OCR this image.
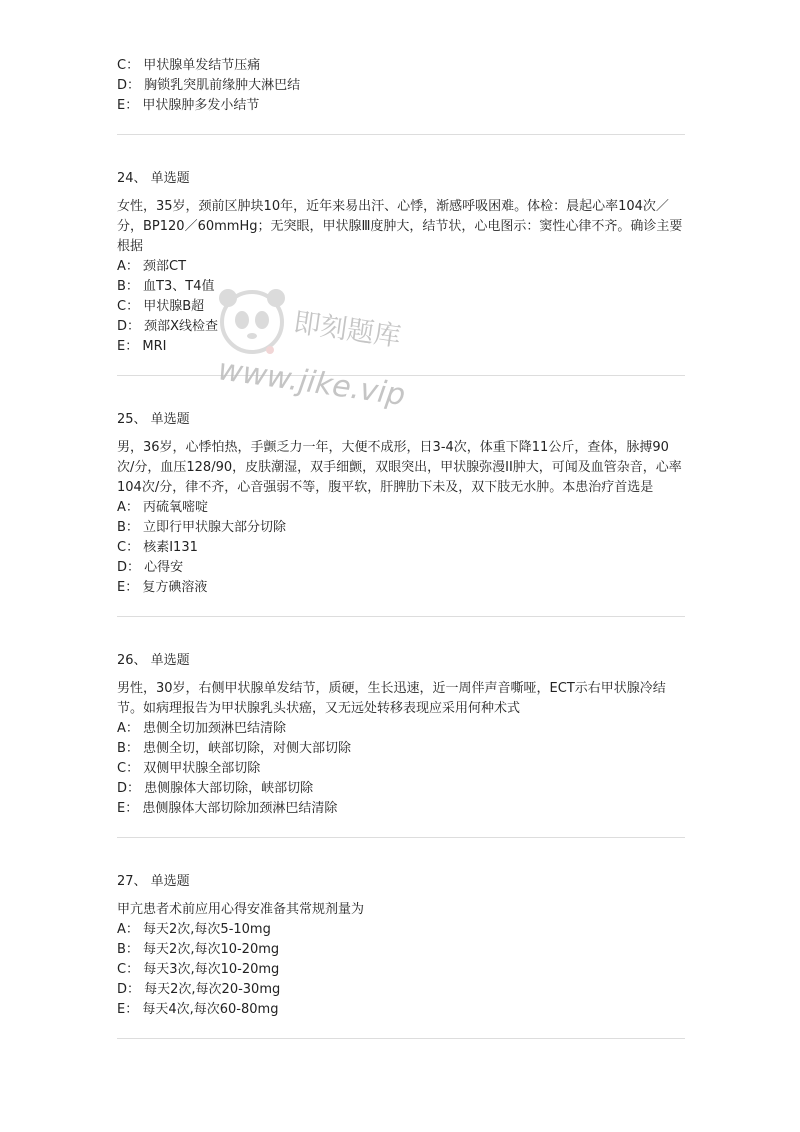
C： 甲状腺单发结节压痛
D： 胸锁乳突肌前缘肿大淋巴结
E： 甲状腺肿多发小结节
24、 单选题

女性，35岁，颈前区肿块10年，近年来易出汗、心悸，渐感呼吸困难。体检：晨起心率104次／分，BP120／60mmHg；无突眼，甲状腺Ⅲ度肿大，结节状，心电图示：窦性心律不齐。确诊主要根据

A： 颈部CT
B： 血T3、T4值
C： 甲状腺B超
D： 颈部X线检查
E： MRI
25、 单选题

男，36岁，心悸怕热，手颤乏力一年，大便不成形，日3-4次，体重下降11公斤，查体，脉搏90次/分，血压128/90，皮肤潮湿，双手细颤，双眼突出，甲状腺弥漫II肿大，可闻及血管杂音，心率104次/分，律不齐，心音强弱不等，腹平软，肝脾肋下未及，双下肢无水肿。本患治疗首选是

A： 丙硫氧嘧啶
B： 立即行甲状腺大部分切除
C： 核素I131
D： 心得安
E： 复方碘溶液
26、 单选题

男性，30岁，右侧甲状腺单发结节，质硬，生长迅速，近一周伴声音嘶哑，ECT示右甲状腺冷结节。如病理报告为甲状腺乳头状癌，又无远处转移表现应采用何种术式

A： 患侧全切加颈淋巴结清除
B： 患侧全切，峡部切除，对侧大部切除
C： 双侧甲状腺全部切除
D： 患侧腺体大部切除，峡部切除
E： 患侧腺体大部切除加颈淋巴结清除
27、 单选题

甲亢患者术前应用心得安准备其常规剂量为

A： 每天2次,每次5-10mg
B： 每天2次,每次10-20mg
C： 每天3次,每次10-20mg
D： 每天2次,每次20-30mg
E： 每天4次,每次60-80mg
即刻题库
www.jike.vip
